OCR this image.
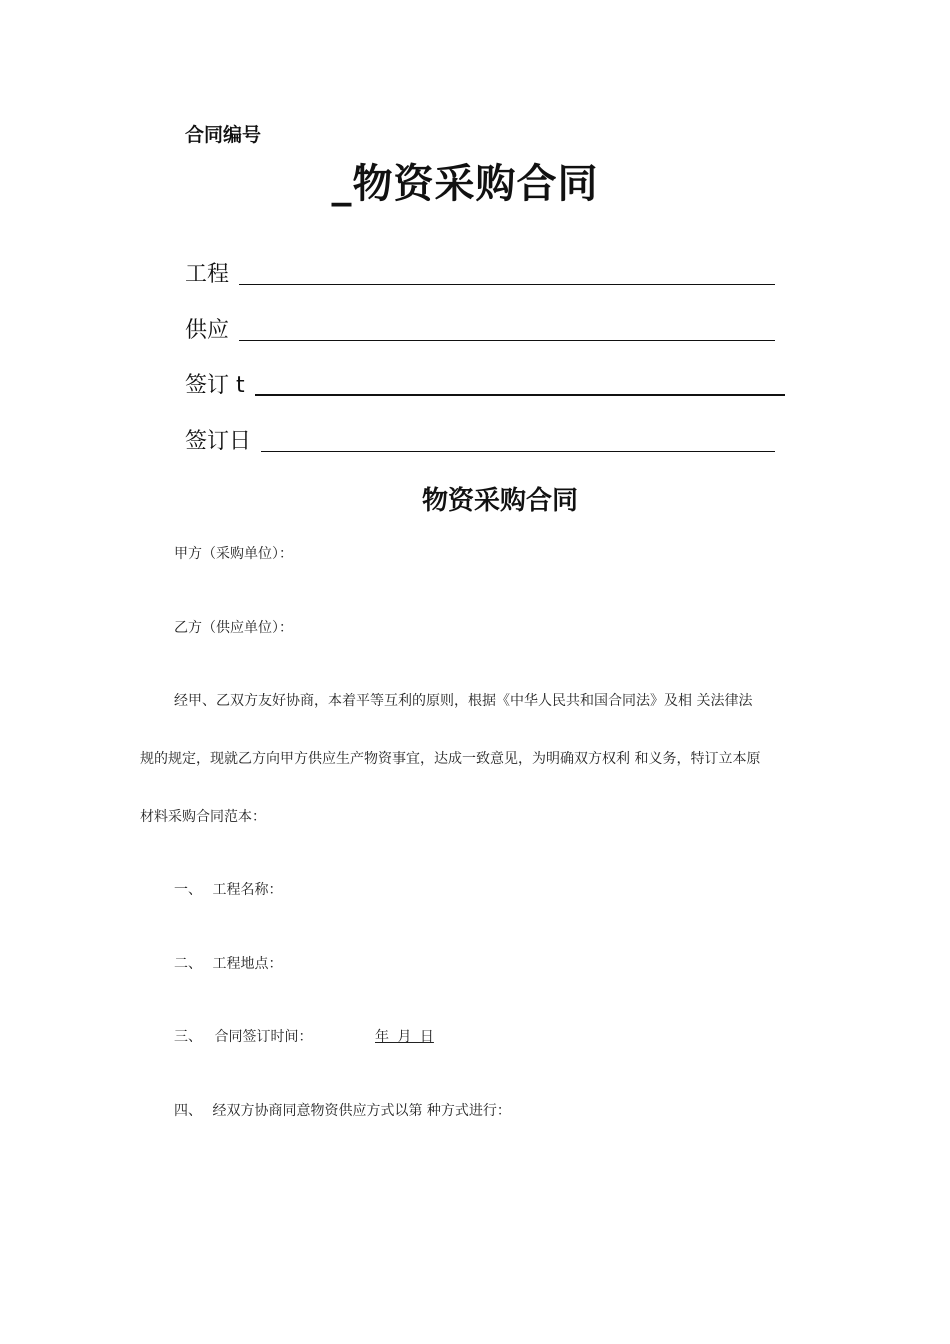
合同编号
_物资采购合同
工程
供应
签订 t
签订日
物资采购合同
甲方（采购单位）：
乙方（供应单位）：
经甲、乙双方友好协商，本着平等互利的原则，根据《中华人民共和国合同法》及相 关法律法
规的规定，现就乙方向甲方供应生产物资事宜，达成一致意见，为明确双方权利 和义务，特订立本原
材料采购合同范本：
一、 工程名称：
二、 工程地点：
三、 合同签订时间：	年 月 日
四、 经双方协商同意物资供应方式以第 种方式进行：
